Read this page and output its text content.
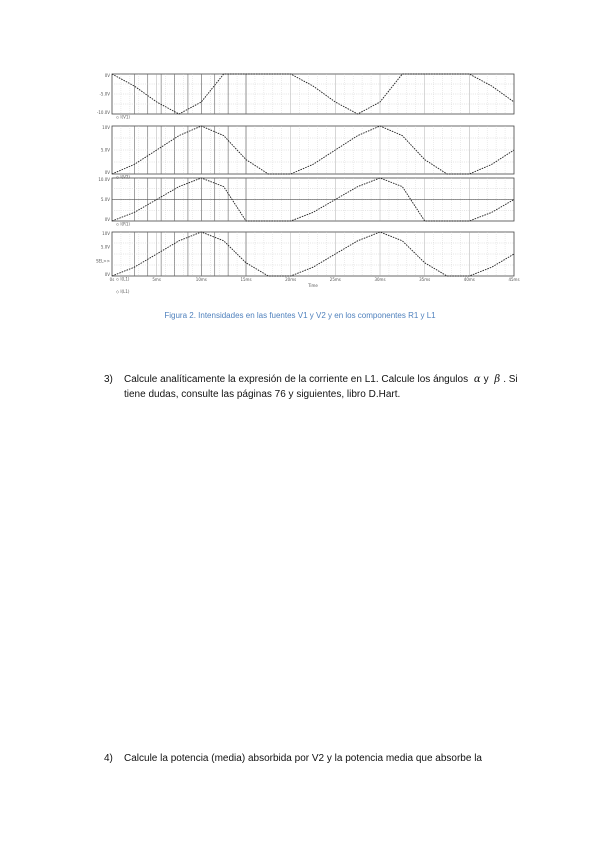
0V
-5.0V
-10.0V
◇ I(V1)
10V
5.0V
0V
◇ I(V2)
10.0V
5.0V
0V
◇ I(R1)
10V
5.0V
SEL>>
0V
◇ I(L1)
0s	5ms	10ms	15ms	20ms	25ms	30ms	35ms	40ms	45ms
Time
◇ I(L1)
Figura 2. Intensidades en las fuentes V1 y V2 y en los componentes R1 y L1
3) Calcule analíticamente la expresión de la corriente en L1. Calcule los ángulos α y β . Si
tiene dudas, consulte las páginas 76 y siguientes, libro D.Hart.
4) Calcule la potencia (media) absorbida por V2 y la potencia media que absorbe la
